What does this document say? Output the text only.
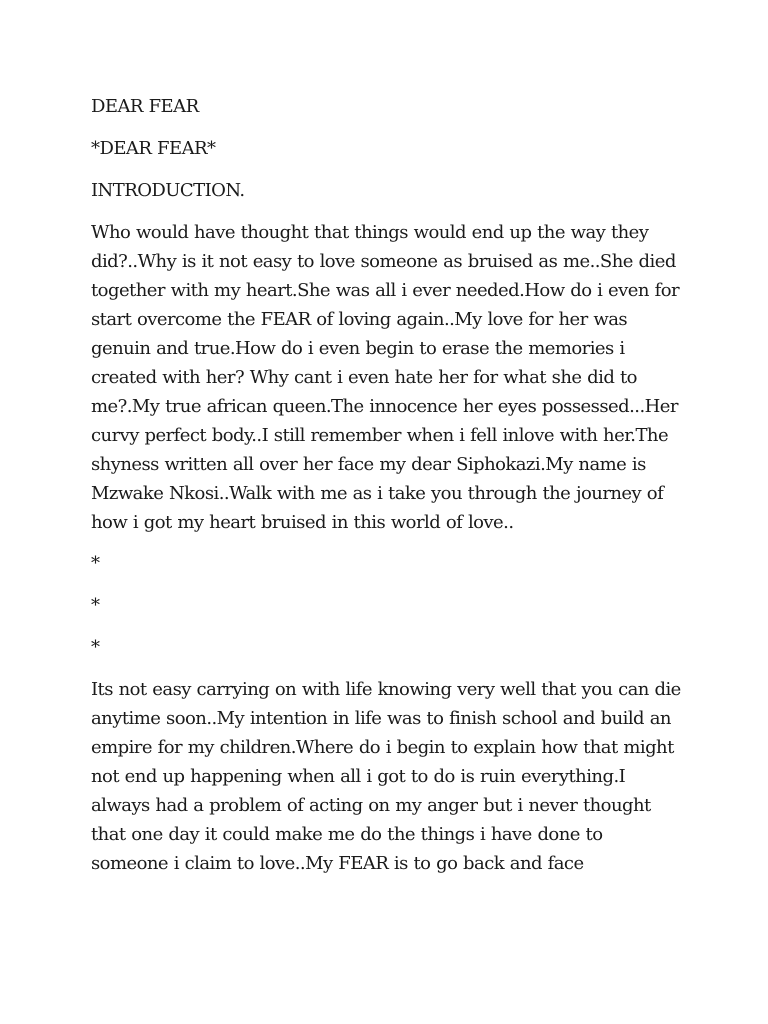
DEAR FEAR

*DEAR FEAR*

INTRODUCTION.

Who would have thought that things would end up the way they did?..Why is it not easy to love someone as bruised as me..She died together with my heart.She was all i ever needed.How do i even for start overcome the FEAR of loving again..My love for her was genuin and true.How do i even begin to erase the memories i created with her? Why cant i even hate her for what she did to me?.My true african queen.The innocence her eyes possessed...Her curvy perfect body..I still remember when i fell inlove with her.The shyness written all over her face my dear Siphokazi.My name is Mzwake Nkosi..Walk with me as i take you through the journey of how i got my heart bruised in this world of love..

*

*

*

Its not easy carrying on with life knowing very well that you can die anytime soon..My intention in life was to finish school and build an empire for my children.Where do i begin to explain how that might not end up happening when all i got to do is ruin everything.I always had a problem of acting on my anger but i never thought that one day it could make me do the things i have done to someone i claim to love..My FEAR is to go back and face
